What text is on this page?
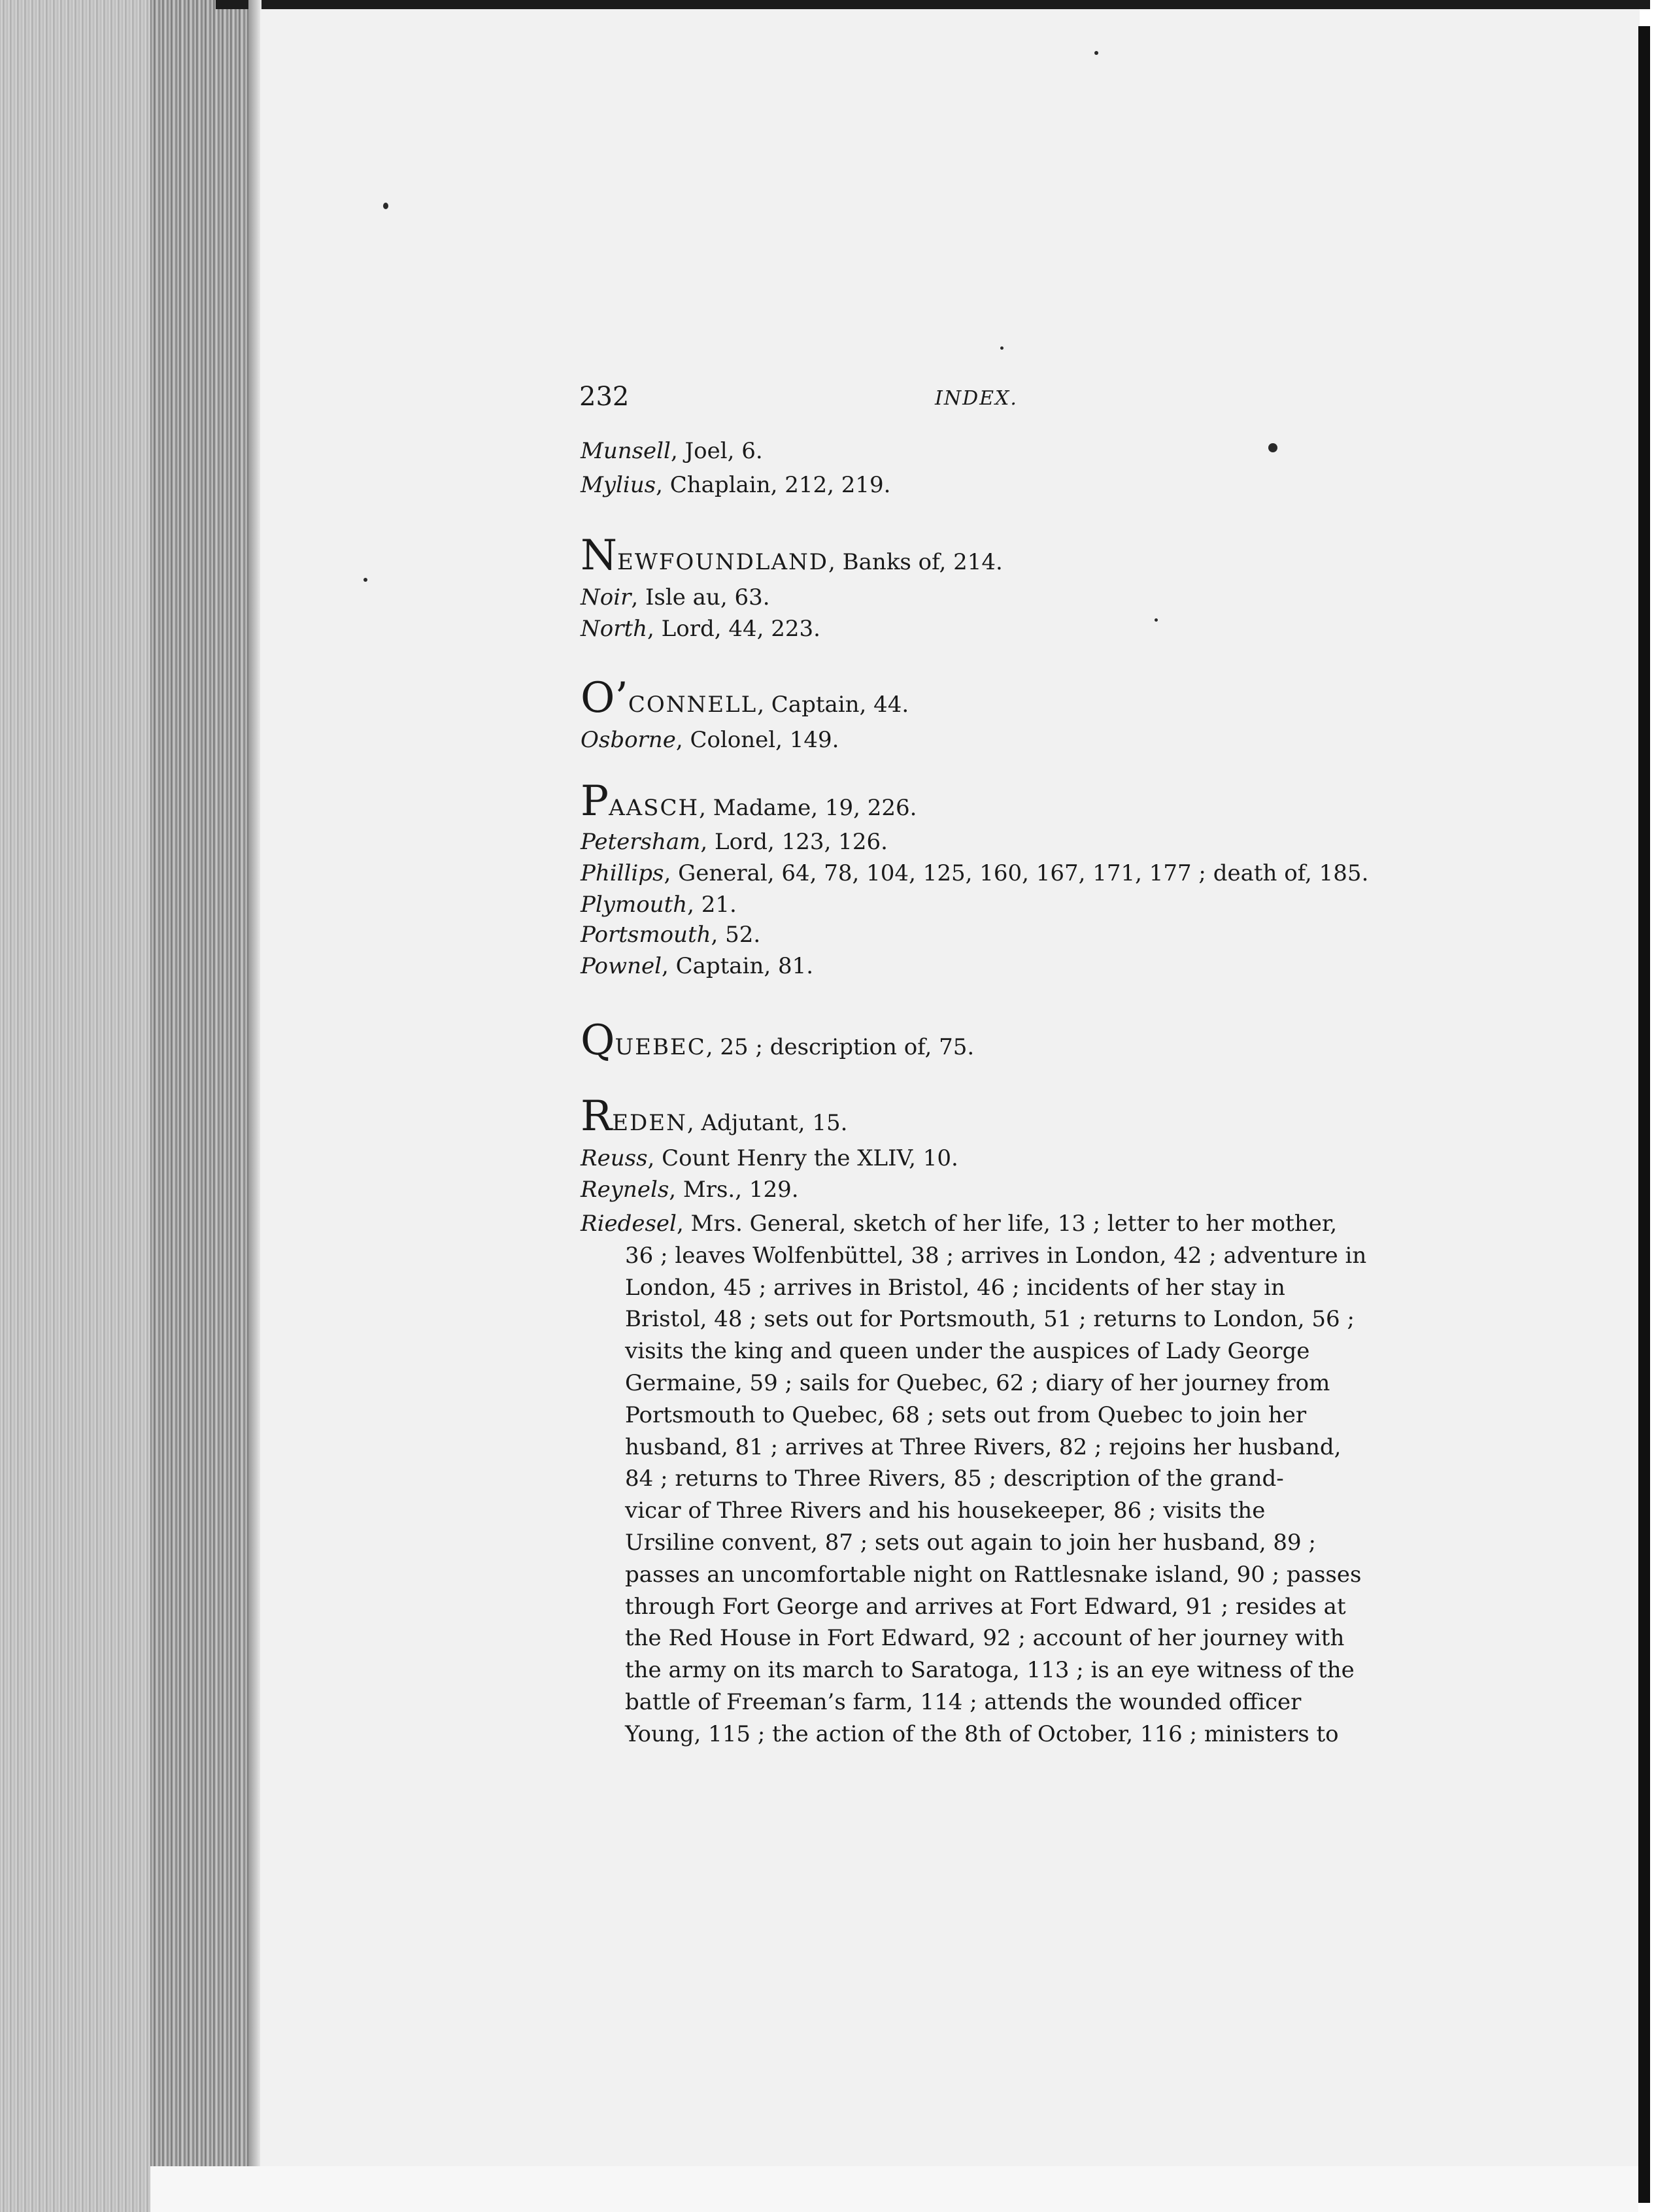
232	INDEX.
Munsell, Joel, 6.
Mylius, Chaplain, 212, 219.
NEWFOUNDLAND, Banks of, 214.
Noir, Isle au, 63.
North, Lord, 44, 223.
O’CONNELL, Captain, 44.
Osborne, Colonel, 149.
PAASCH, Madame, 19, 226.
Petersham, Lord, 123, 126.
Phillips, General, 64, 78, 104, 125, 160, 167, 171, 177 ; death of, 185.
Plymouth, 21.
Portsmouth, 52.
Pownel, Captain, 81.
QUEBEC, 25 ; description of, 75.
REDEN, Adjutant, 15.
Reuss, Count Henry the XLIV, 10.
Reynels, Mrs., 129.
Riedesel, Mrs. General, sketch of her life, 13 ; letter to her mother,
36 ; leaves Wolfenbüttel, 38 ; arrives in London, 42 ; adventure in
London, 45 ; arrives in Bristol, 46 ; incidents of her stay in
Bristol, 48 ; sets out for Portsmouth, 51 ; returns to London, 56 ;
visits the king and queen under the auspices of Lady George
Germaine, 59 ; sails for Quebec, 62 ; diary of her journey from
Portsmouth to Quebec, 68 ; sets out from Quebec to join her
husband, 81 ; arrives at Three Rivers, 82 ; rejoins her husband,
84 ; returns to Three Rivers, 85 ; description of the grand-
vicar of Three Rivers and his housekeeper, 86 ; visits the
Ursiline convent, 87 ; sets out again to join her husband, 89 ;
passes an uncomfortable night on Rattlesnake island, 90 ; passes
through Fort George and arrives at Fort Edward, 91 ; resides at
the Red House in Fort Edward, 92 ; account of her journey with
the army on its march to Saratoga, 113 ; is an eye witness of the
battle of Freeman’s farm, 114 ; attends the wounded officer
Young, 115 ; the action of the 8th of October, 116 ; ministers to
